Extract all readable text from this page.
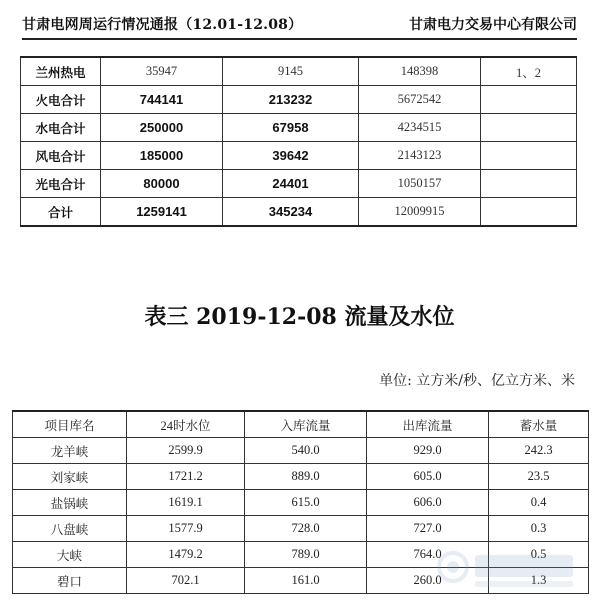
甘肃电网周运行情况通报（12.01-12.08）	甘肃电力交易中心有限公司
兰州热电	35947	9145	148398	1、2
火电合计	744141	213232	5672542	
水电合计	250000	67958	4234515	
风电合计	185000	39642	2143123	
光电合计	80000	24401	1050157	
合计	1259141	345234	12009915	
表三 2019-12-08 流量及水位
单位: 立方米/秒、亿立方米、米
项目库名	24时水位	入库流量	出库流量	蓄水量
龙羊峡	2599.9	540.0	929.0	242.3
刘家峡	1721.2	889.0	605.0	23.5
盐锅峡	1619.1	615.0	606.0	0.4
八盘峡	1577.9	728.0	727.0	0.3
大峡	1479.2	789.0	764.0	0.5
碧口	702.1	161.0	260.0	1.3
